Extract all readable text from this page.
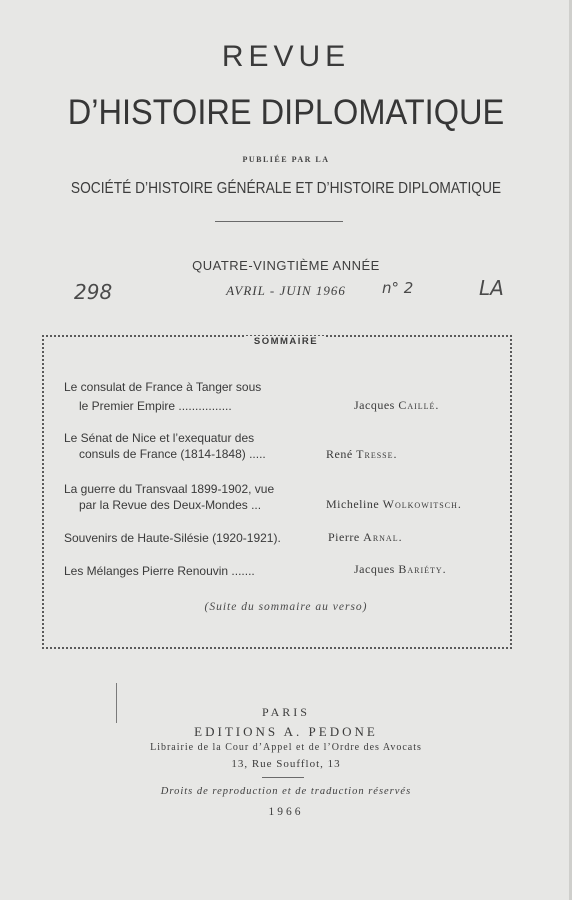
REVUE
D’HISTOIRE DIPLOMATIQUE
PUBLIÉE PAR LA
SOCIÉTÉ D’HISTOIRE GÉNÉRALE ET D’HISTOIRE DIPLOMATIQUE
QUATRE-VINGTIÈME ANNÉE
AVRIL - JUIN 1966
298	n° 2	LA
SOMMAIRE
Le consulat de France à Tanger sous
le Premier Empire ................	Jacques Caillé.
Le Sénat de Nice et l’exequatur des
consuls de France (1814-1848) .....	René Tresse.
La guerre du Transvaal 1899-1902, vue
par la Revue des Deux-Mondes ...	Micheline Wolkowitsch.
Souvenirs de Haute-Silésie (1920-1921).	Pierre Arnal.
Les Mélanges Pierre Renouvin .......	Jacques Bariéty.
(Suite du sommaire au verso)
PARIS
EDITIONS A. PEDONE
Librairie de la Cour d’Appel et de l’Ordre des Avocats
13, Rue Soufflot, 13
Droits de reproduction et de traduction réservés
1966
